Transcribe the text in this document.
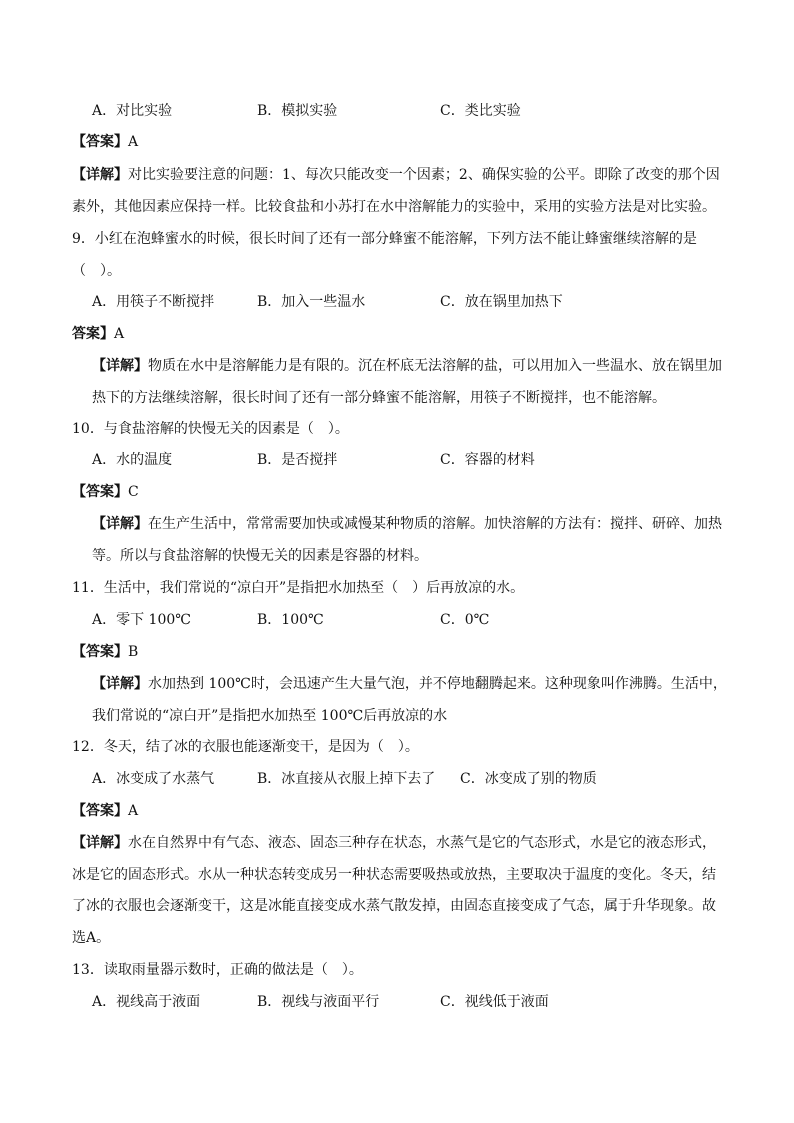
A．对比实验	B．模拟实验	C．类比实验
【答案】A
【详解】对比实验要注意的问题：1、每次只能改变一个因素；2、确保实验的公平。即除了改变的那个因
素外，其他因素应保持一样。比较食盐和小苏打在水中溶解能力的实验中，采用的实验方法是对比实验。
9．小红在泡蜂蜜水的时候，很长时间了还有一部分蜂蜜不能溶解，下列方法不能让蜂蜜继续溶解的是
（　）。
A．用筷子不断搅拌	B．加入一些温水	C．放在锅里加热下
答案】A
【详解】物质在水中是溶解能力是有限的。沉在杯底无法溶解的盐，可以用加入一些温水、放在锅里加
热下的方法继续溶解，很长时间了还有一部分蜂蜜不能溶解，用筷子不断搅拌，也不能溶解。
10．与食盐溶解的快慢无关的因素是（　）。
A．水的温度	B．是否搅拌	C．容器的材料
【答案】C
【详解】在生产生活中，常常需要加快或减慢某种物质的溶解。加快溶解的方法有：搅拌、研碎、加热
等。所以与食盐溶解的快慢无关的因素是容器的材料。
11．生活中，我们常说的“凉白开”是指把水加热至（　）后再放凉的水。
A．零下 100℃	B．100℃	C．0℃
【答案】B
【详解】水加热到 100℃时，会迅速产生大量气泡，并不停地翻腾起来。这种现象叫作沸腾。生活中，
我们常说的“凉白开”是指把水加热至 100℃后再放凉的水
12．冬天，结了冰的衣服也能逐渐变干，是因为（　）。
A．冰变成了水蒸气	B．冰直接从衣服上掉下去了 C．冰变成了别的物质
【答案】A
【详解】水在自然界中有气态、液态、固态三种存在状态，水蒸气是它的气态形式，水是它的液态形式，
冰是它的固态形式。水从一种状态转变成另一种状态需要吸热或放热，主要取决于温度的变化。冬天，结
了冰的衣服也会逐渐变干，这是冰能直接变成水蒸气散发掉，由固态直接变成了气态，属于升华现象。故
选A。
13．读取雨量器示数时，正确的做法是（　）。
A．视线高于液面	B．视线与液面平行	C．视线低于液面
